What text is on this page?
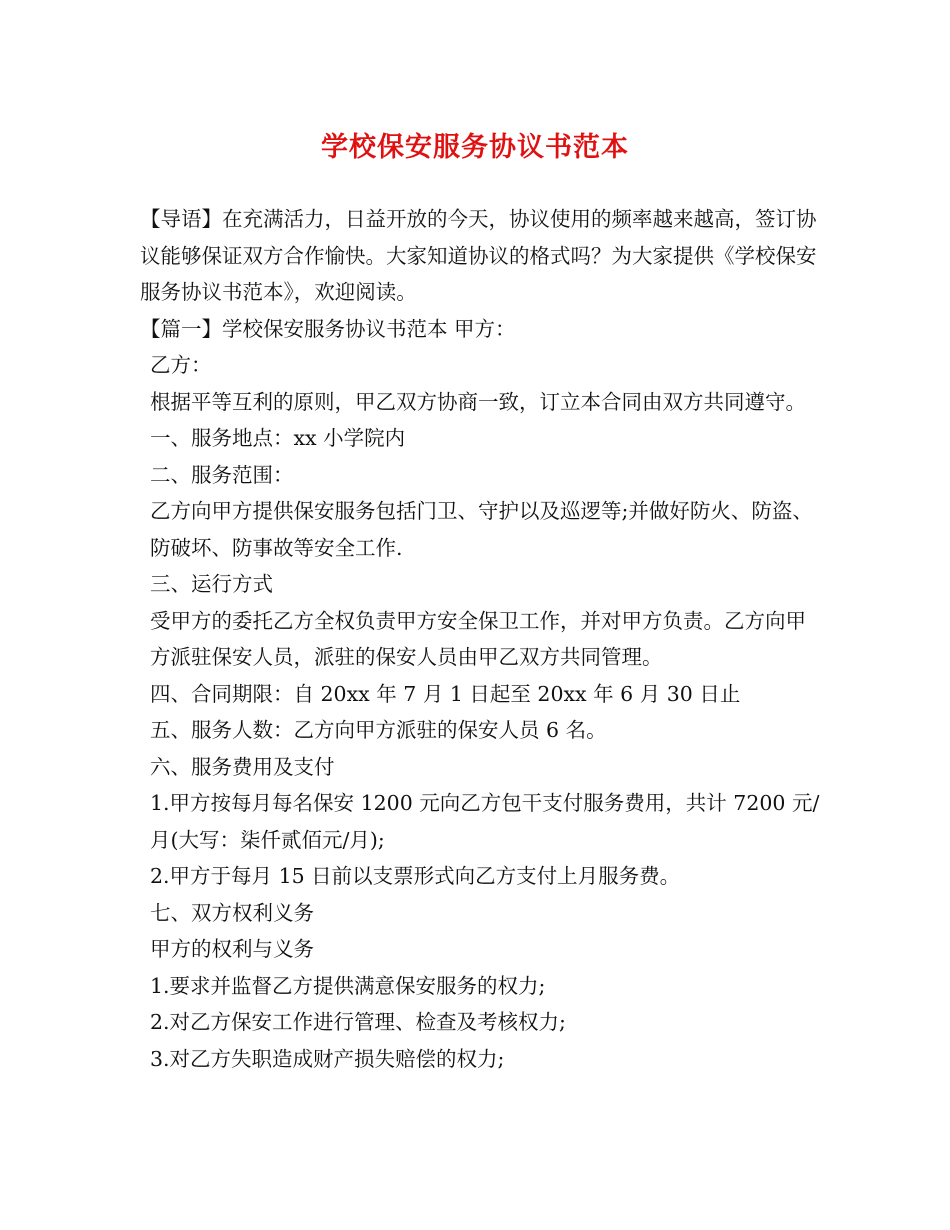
学校保安服务协议书范本

【导语】在充满活力，日益开放的今天，协议使用的频率越来越高，签订协议能够保证双方合作愉快。大家知道协议的格式吗？为大家提供《学校保安服务协议书范本》，欢迎阅读。

【篇一】学校保安服务协议书范本 甲方：

乙方：

根据平等互利的原则，甲乙双方协商一致，订立本合同由双方共同遵守。

一、服务地点：xx 小学院内

二、服务范围：

乙方向甲方提供保安服务包括门卫、守护以及巡逻等;并做好防火、防盗、防破坏、防事故等安全工作.

三、运行方式

受甲方的委托乙方全权负责甲方安全保卫工作，并对甲方负责。乙方向甲方派驻保安人员，派驻的保安人员由甲乙双方共同管理。

四、合同期限：自 20xx 年 7 月 1 日起至 20xx 年 6 月 30 日止

五、服务人数：乙方向甲方派驻的保安人员 6 名。

六、服务费用及支付

1.甲方按每月每名保安 1200 元向乙方包干支付服务费用，共计 7200 元/月(大写：柒仟贰佰元/月);

2.甲方于每月 15 日前以支票形式向乙方支付上月服务费。

七、双方权利义务

甲方的权利与义务

1.要求并监督乙方提供满意保安服务的权力;

2.对乙方保安工作进行管理、检查及考核权力;

3.对乙方失职造成财产损失赔偿的权力;
